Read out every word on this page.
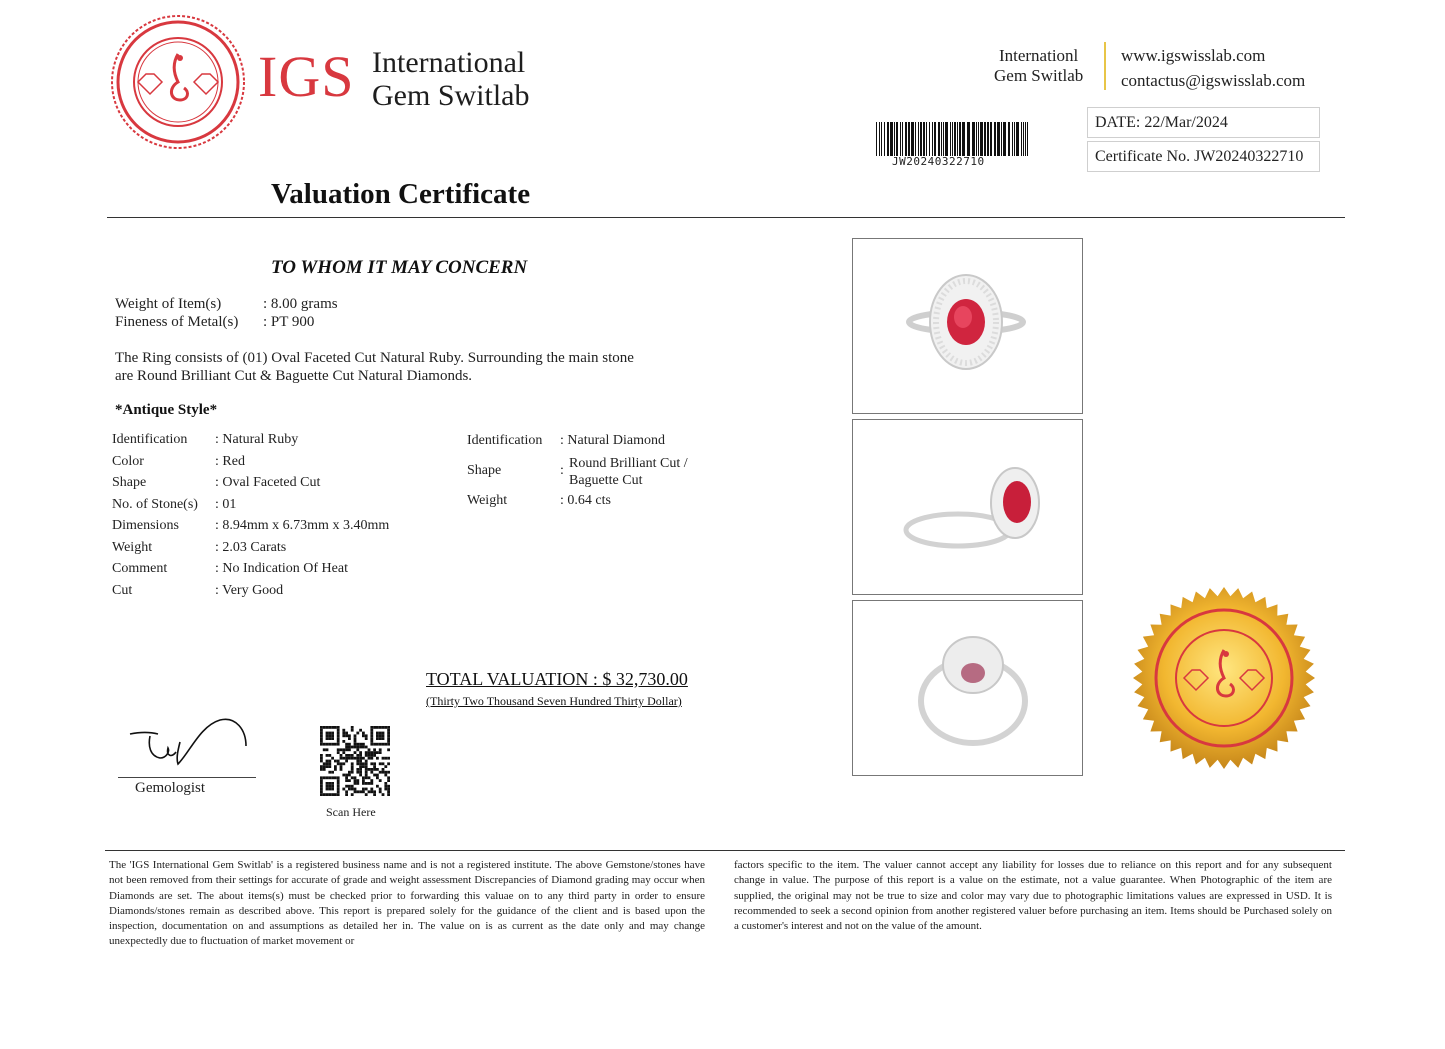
IGS International
Gem Switlab
Internationl
Gem Switlab
www.igswisslab.com
contactus@igswisslab.com
JW20240322710
DATE: 22/Mar/2024
Certificate No. JW20240322710
Valuation Certificate
TO WHOM IT MAY CONCERN
Weight of Item(s)	: 8.00 grams
Fineness of Metal(s) : PT 900
The Ring consists of (01) Oval Faceted Cut Natural Ruby. Surrounding the main stone
are Round Brilliant Cut & Baguette Cut Natural Diamonds.
*Antique Style*
Identification : Natural Ruby
Color	: Red
Shape	: Oval Faceted Cut
No. of Stone(s) : 01
Dimensions	: 8.94mm x 6.73mm x 3.40mm
Weight	: 2.03 Carats
Comment	: No Indication Of Heat
Cut	: Very Good
Identification : Natural Diamond
Shape	: Round Brilliant Cut /
Baguette Cut
Weight	: 0.64 cts
TOTAL VALUATION : $ 32,730.00
(Thirty Two Thousand Seven Hundred Thirty Dollar)
Gemologist
Scan Here
The 'IGS International Gem Switlab' is a registered business name and is not a registered institute. The above Gemstone/stones have not been removed from their settings for accurate of grade and weight assessment Discrepancies of Diamond grading may occur when Diamonds are set. The about items(s) must be checked prior to forwarding this valuae on to any third party in order to ensure Diamonds/stones remain as described above. This report is prepared solely for the guidance of the client and is based upon the inspection, documentation on and assumptions as detailed her in. The value on is as current as the date only and may change unexpectedly due to fluctuation of market movement or
factors specific to the item. The valuer cannot accept any liability for losses due to reliance on this report and for any subsequent change in value. The purpose of this report is a value on the estimate, not a value guarantee. When Photographic of the item are supplied, the original may not be true to size and color may vary due to photographic limitations values are expressed in USD. It is recommended to seek a second opinion from another registered valuer before purchasing an item. Items should be Purchased solely on a customer's interest and not on the value of the amount.
